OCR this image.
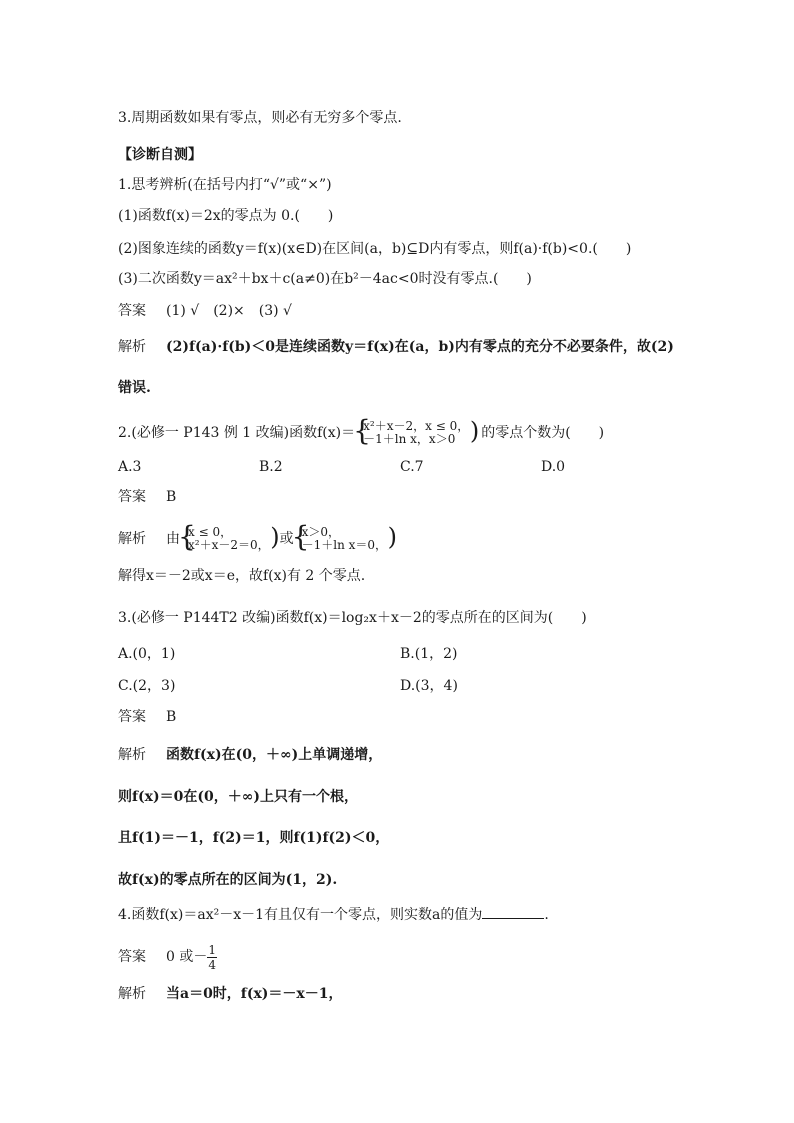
3.周期函数如果有零点，则必有无穷多个零点.
【诊断自测】
1.思考辨析(在括号内打“√”或“×”)
(1)函数f(x)＝2x的零点为 0.(　　)
(2)图象连续的函数y＝f(x)(x∈D)在区间(a，b)⊆D内有零点，则f(a)·f(b)<0.(　　)
(3)二次函数y＝ax²＋bx＋c(a≠0)在b²－4ac<0时没有零点.(　　)
答案 (1) √　(2)×　(3) √
解析 (2)f(a)·f(b)＜0是连续函数y＝f(x)在(a，b)内有零点的充分不必要条件，故(2)
错误.
2.(必修一 P143 例 1 改编)函数f(x)＝ { x²＋x－2，x ≤ 0，
－1＋ln x，x＞0 ) 的零点个数为(　　)
A.3	B.2	C.7	D.0
答案 B
解析 由 { x ≤ 0，
x²＋x－2＝0， ) 或 { x＞0，
－1＋ln x＝0， )
解得x＝－2或x＝e，故f(x)有 2 个零点.
3.(必修一 P144T2 改编)函数f(x)＝log₂x＋x－2的零点所在的区间为(　　)
A.(0，1)	B.(1，2)
C.(2，3)	D.(3，4)
答案 B
解析 函数f(x)在(0，＋∞)上单调递增，
则f(x)＝0在(0，＋∞)上只有一个根，
且f(1)＝－1，f(2)＝1，则f(1)f(2)＜0，
故f(x)的零点所在的区间为(1，2).
4.函数f(x)＝ax²－x－1有且仅有一个零点，则实数a的值为	.
答案 0 或－ $\frac{1}{4}$
解析 当a＝0时，f(x)＝－x－1，
